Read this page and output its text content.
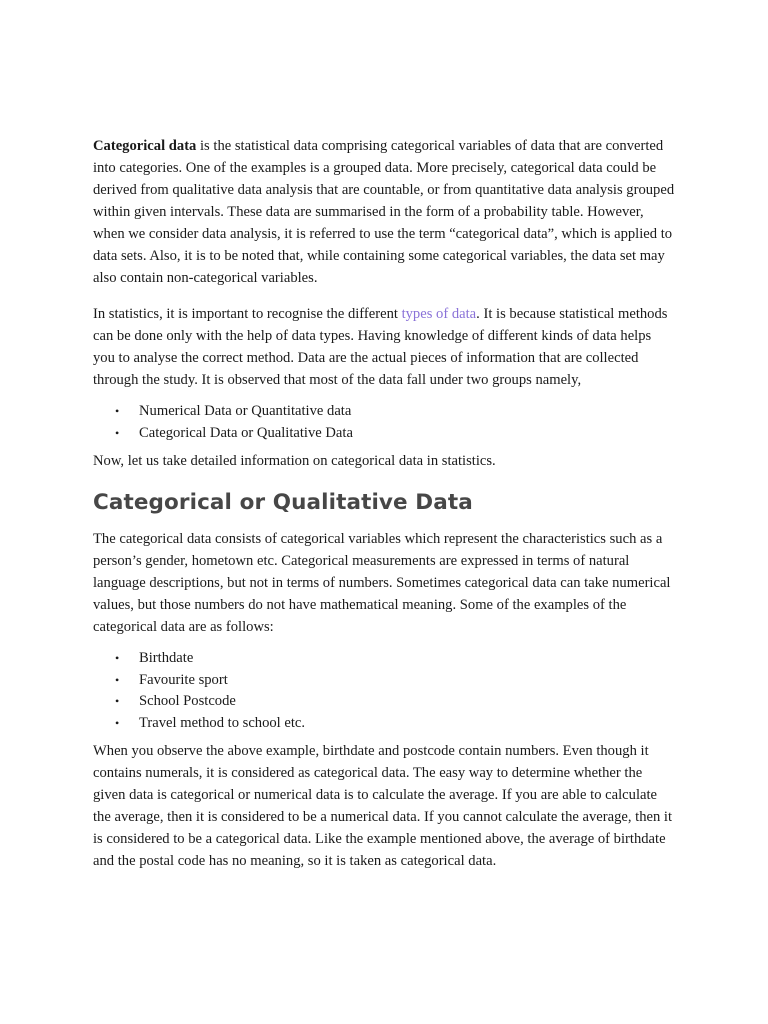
Categorical data is the statistical data comprising categorical variables of data that are converted into categories. One of the examples is a grouped data. More precisely, categorical data could be derived from qualitative data analysis that are countable, or from quantitative data analysis grouped within given intervals. These data are summarised in the form of a probability table. However, when we consider data analysis, it is referred to use the term “categorical data”, which is applied to data sets. Also, it is to be noted that, while containing some categorical variables, the data set may also contain non-categorical variables.

In statistics, it is important to recognise the different types of data. It is because statistical methods can be done only with the help of data types. Having knowledge of different kinds of data helps you to analyse the correct method. Data are the actual pieces of information that are collected through the study. It is observed that most of the data fall under two groups namely,

• Numerical Data or Quantitative data
• Categorical Data or Qualitative Data

Now, let us take detailed information on categorical data in statistics.

Categorical or Qualitative Data

The categorical data consists of categorical variables which represent the characteristics such as a person’s gender, hometown etc. Categorical measurements are expressed in terms of natural language descriptions, but not in terms of numbers. Sometimes categorical data can take numerical values, but those numbers do not have mathematical meaning. Some of the examples of the categorical data are as follows:

• Birthdate
• Favourite sport
• School Postcode
• Travel method to school etc.

When you observe the above example, birthdate and postcode contain numbers. Even though it contains numerals, it is considered as categorical data. The easy way to determine whether the given data is categorical or numerical data is to calculate the average. If you are able to calculate the average, then it is considered to be a numerical data. If you cannot calculate the average, then it is considered to be a categorical data. Like the example mentioned above, the average of birthdate and the postal code has no meaning, so it is taken as categorical data.
